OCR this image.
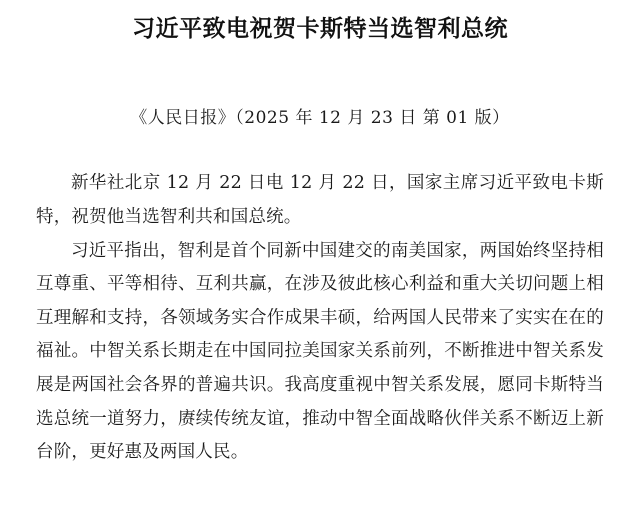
习近平致电祝贺卡斯特当选智利总统
《人民日报》（2025 年 12 月 23 日 第 01 版）

新华社北京 12 月 22 日电 12 月 22 日，国家主席习近平致电卡斯特，祝贺他当选智利共和国总统。

习近平指出，智利是首个同新中国建交的南美国家，两国始终坚持相互尊重、平等相待、互利共赢，在涉及彼此核心利益和重大关切问题上相互理解和支持，各领域务实合作成果丰硕，给两国人民带来了实实在在的福祉。中智关系长期走在中国同拉美国家关系前列，不断推进中智关系发展是两国社会各界的普遍共识。我高度重视中智关系发展，愿同卡斯特当选总统一道努力，赓续传统友谊，推动中智全面战略伙伴关系不断迈上新台阶，更好惠及两国人民。
